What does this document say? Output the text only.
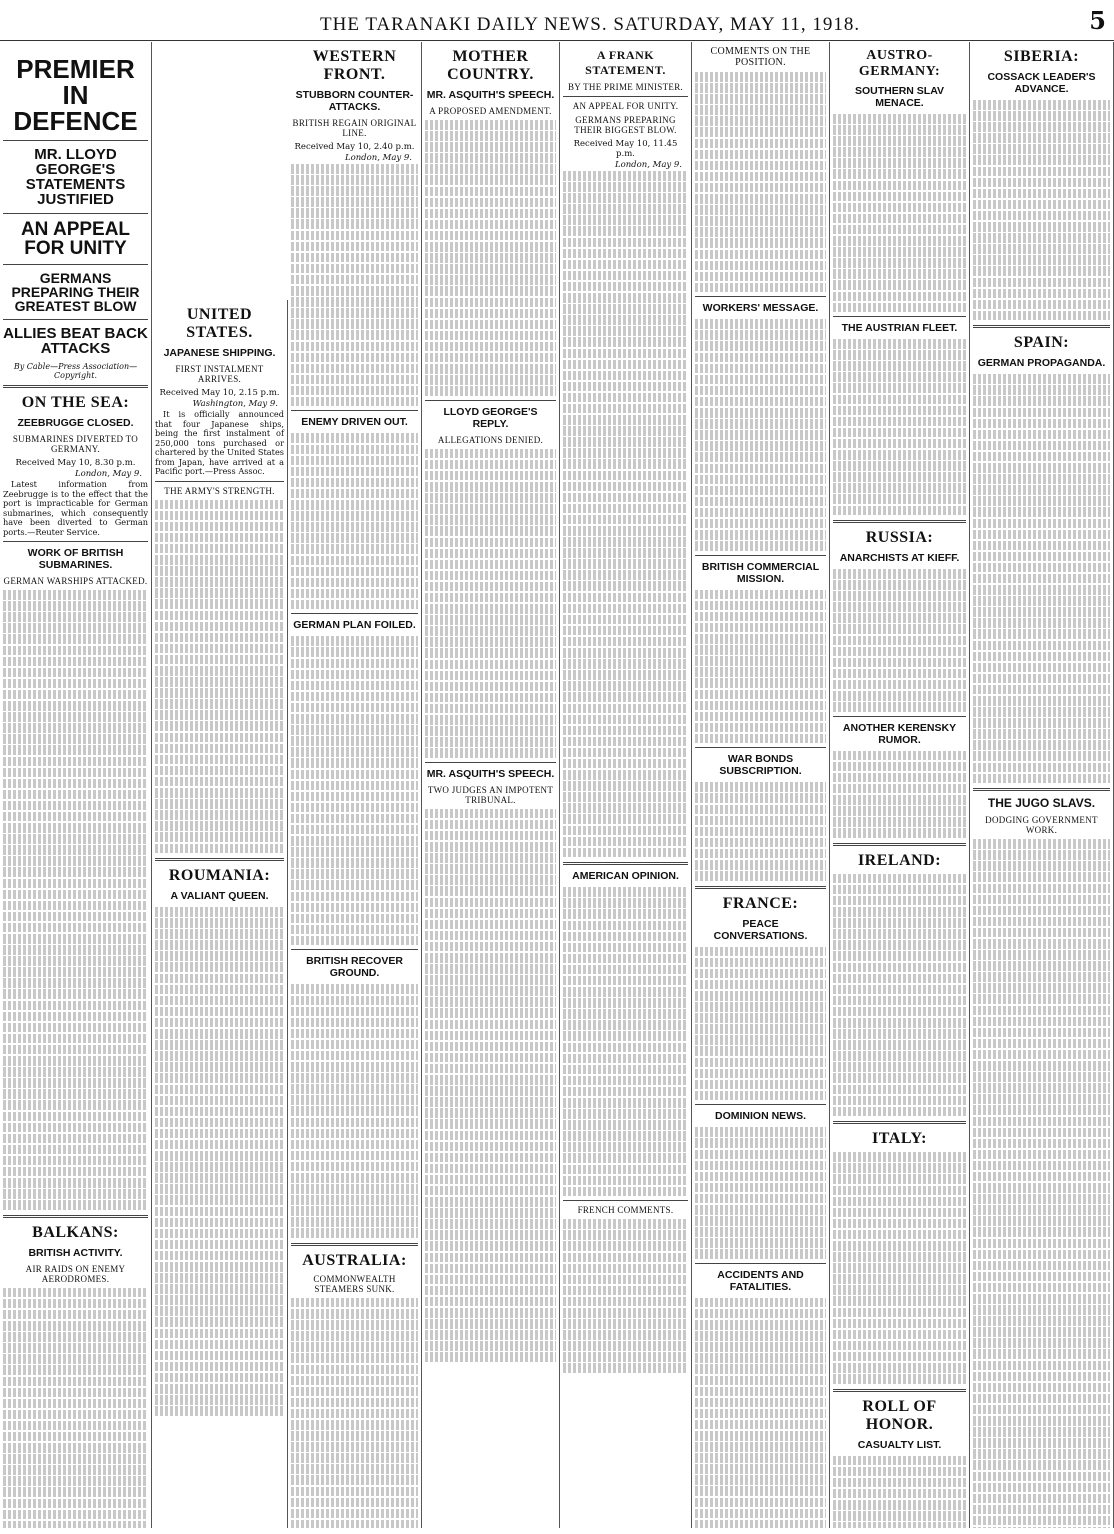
THE TARANAKI DAILY NEWS. SATURDAY, MAY 11, 1918.	5
PREMIER IN DEFENCE
MR. LLOYD GEORGE'S STATEMENTS JUSTIFIED
AN APPEAL FOR UNITY
GERMANS PREPARING THEIR GREATEST BLOW
ALLIES BEAT BACK ATTACKS
By Cable—Press Association—Copyright.
ON THE SEA:
ZEEBRUGGE CLOSED.
SUBMARINES DIVERTED TO GERMANY.
Received May 10, 8.30 p.m.
London, May 9.

Latest information from Zeebrugge is to the effect that the port is impracticable for German submarines, which consequently have been diverted to German ports.—Reuter Service.

WORK OF BRITISH SUBMARINES.
GERMAN WARSHIPS ATTACKED.
BALKANS:
BRITISH ACTIVITY.
AIR RAIDS ON ENEMY AERODROMES.
UNITED STATES.
JAPANESE SHIPPING.
FIRST INSTALMENT ARRIVES.
Received May 10, 2.15 p.m.
Washington, May 9.

It is officially announced that four Japanese ships, being the first instalment of 250,000 tons purchased or chartered by the United States from Japan, have arrived at a Pacific port.—Press Assoc.

THE ARMY'S STRENGTH.
ROUMANIA:
A VALIANT QUEEN.
WESTERN FRONT.
STUBBORN COUNTER-ATTACKS.
BRITISH REGAIN ORIGINAL LINE.
Received May 10, 2.40 p.m.
London, May 9.
ENEMY DRIVEN OUT.
GERMAN PLAN FOILED.
BRITISH RECOVER GROUND.
AUSTRALIA:
COMMONWEALTH STEAMERS SUNK.
MOTHER COUNTRY.
MR. ASQUITH'S SPEECH.
A PROPOSED AMENDMENT.
LLOYD GEORGE'S REPLY.
ALLEGATIONS DENIED.
MR. ASQUITH'S SPEECH.
TWO JUDGES AN IMPOTENT TRIBUNAL.
A FRANK STATEMENT.
BY THE PRIME MINISTER.
AN APPEAL FOR UNITY.
GERMANS PREPARING THEIR BIGGEST BLOW.
Received May 10, 11.45 p.m.
London, May 9.
AMERICAN OPINION.
FRENCH COMMENTS.
COMMENTS ON THE POSITION.
WORKERS' MESSAGE.
BRITISH COMMERCIAL MISSION.
WAR BONDS SUBSCRIPTION.
FRANCE:
PEACE CONVERSATIONS.
DOMINION NEWS.
ACCIDENTS AND FATALITIES.
AUSTRO-GERMANY:
SOUTHERN SLAV MENACE.
THE AUSTRIAN FLEET.
RUSSIA:
ANARCHISTS AT KIEFF.
ANOTHER KERENSKY RUMOR.
IRELAND:
ITALY:
ROLL OF HONOR.
CASUALTY LIST.
SIBERIA:
COSSACK LEADER'S ADVANCE.
SPAIN:
GERMAN PROPAGANDA.
THE JUGO SLAVS.
DODGING GOVERNMENT WORK.
